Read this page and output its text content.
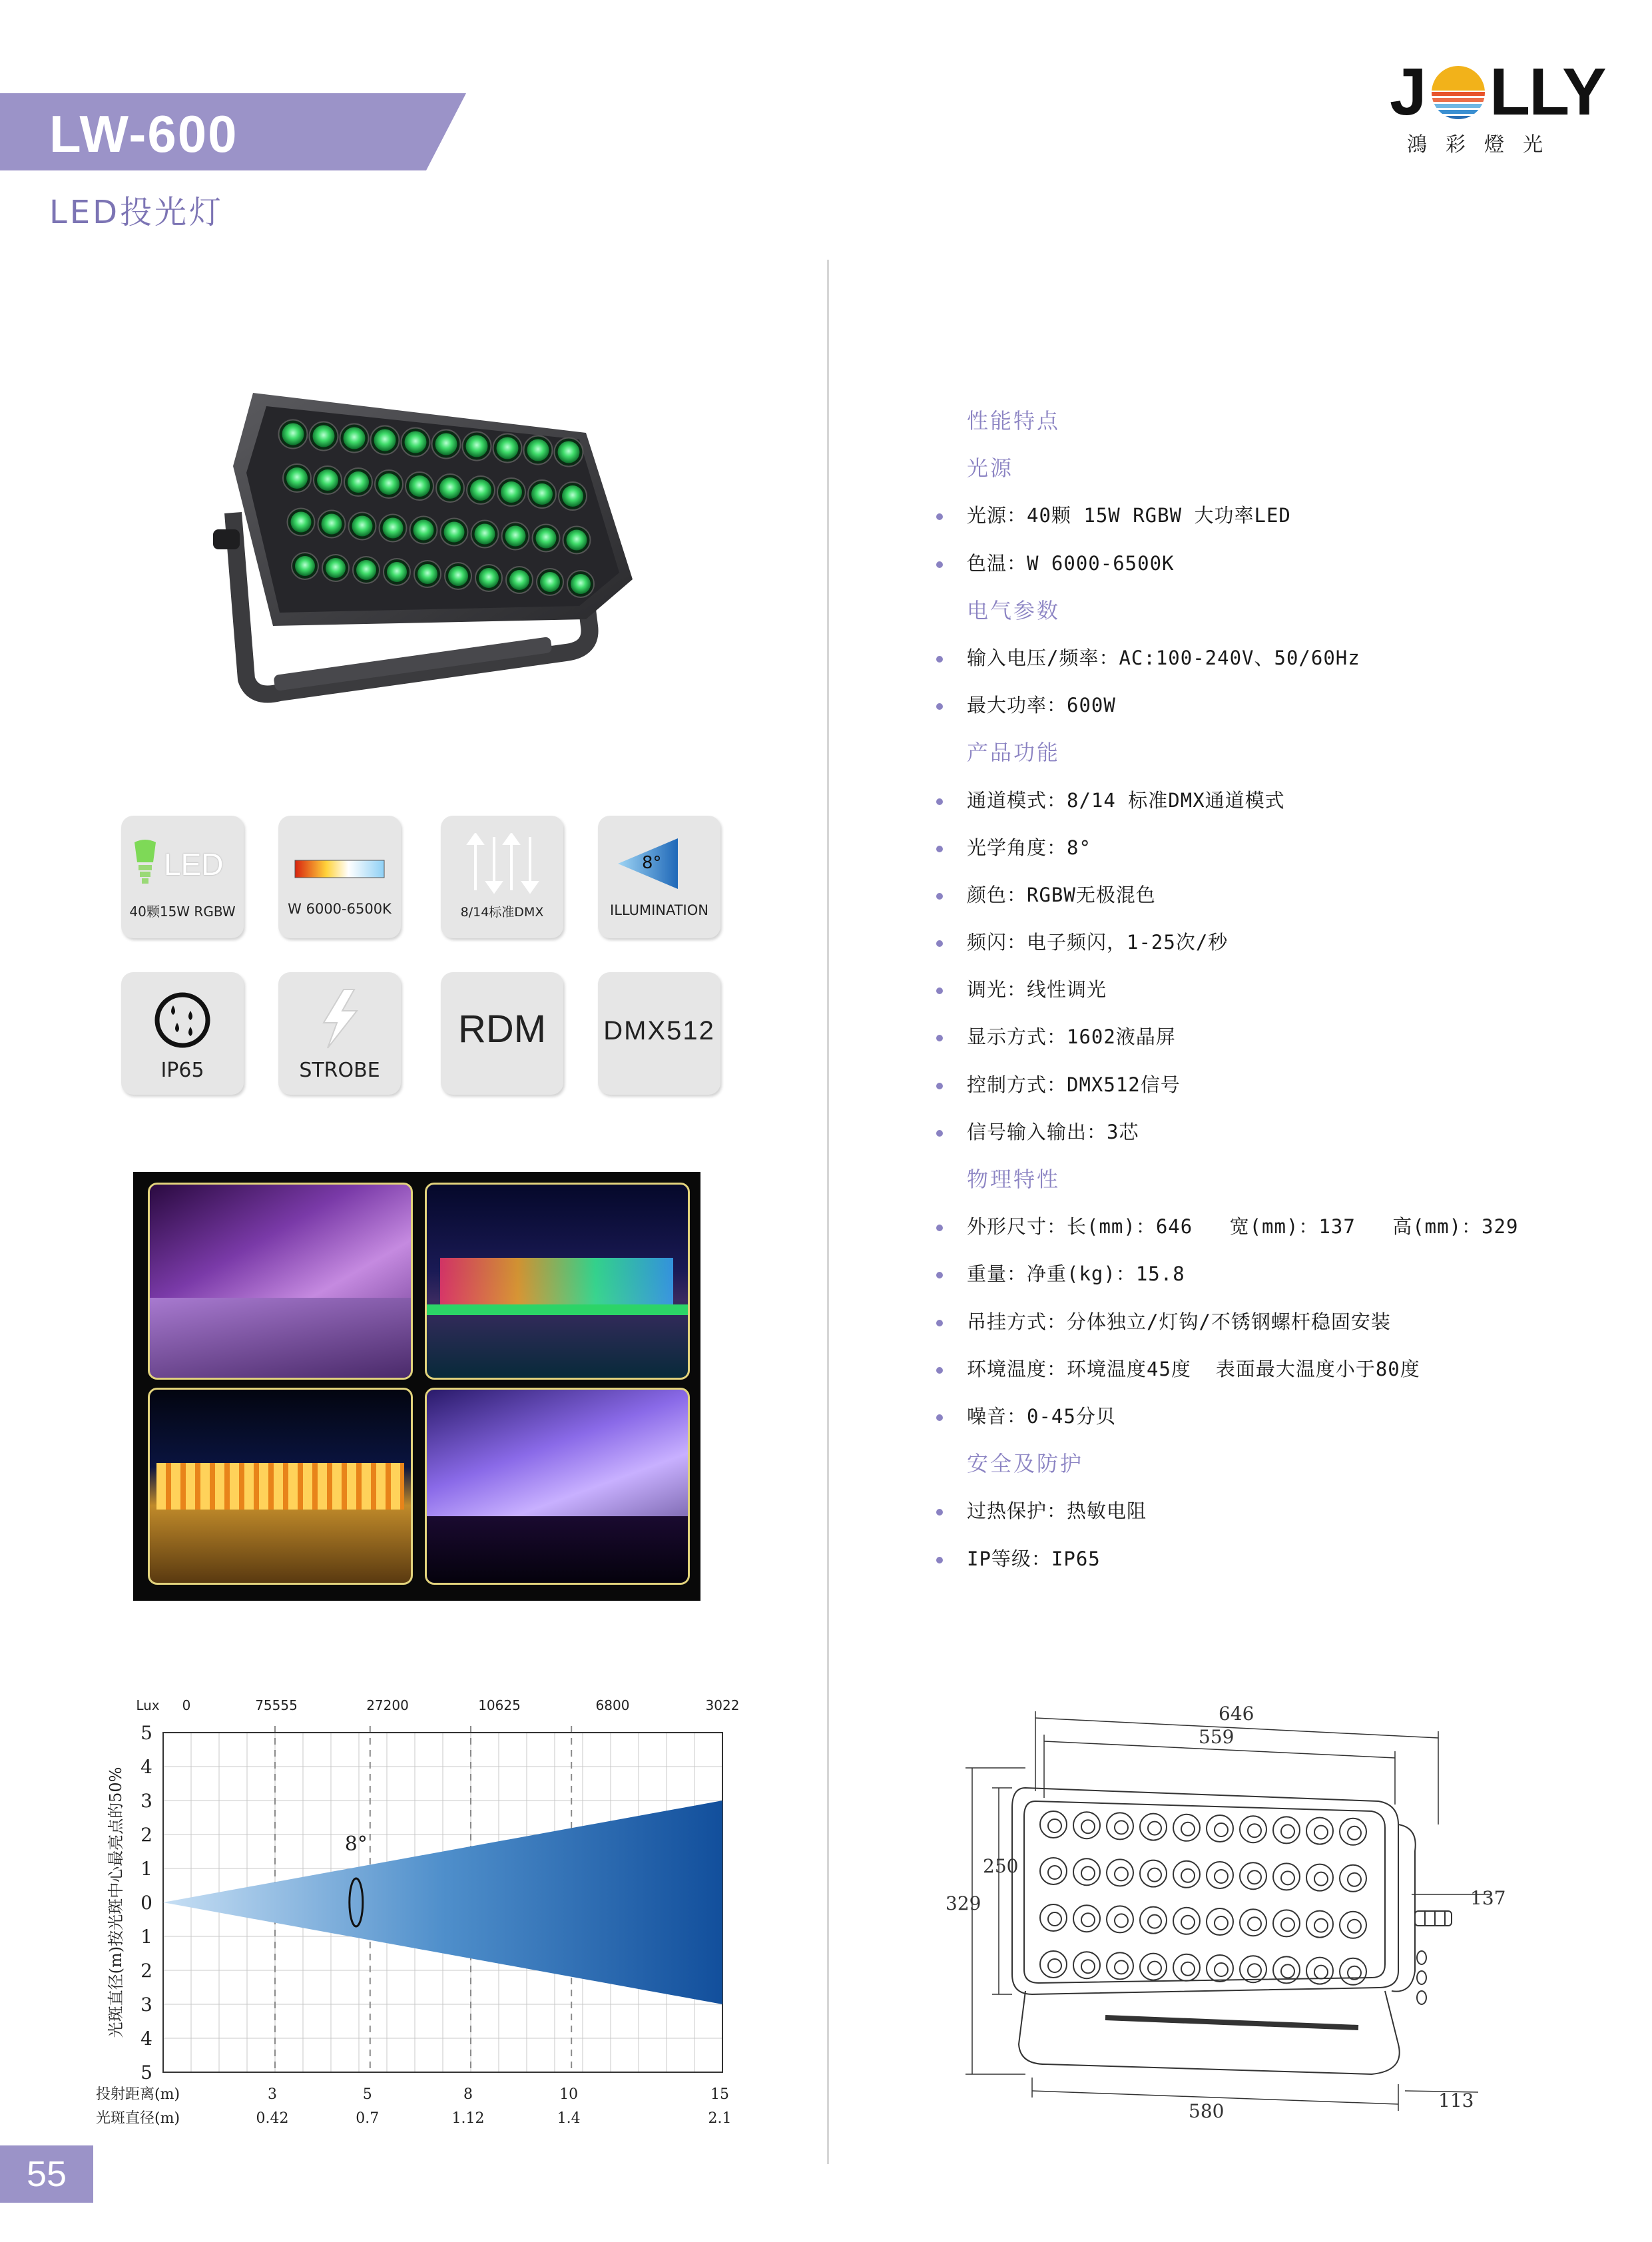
LW-600
LED投光灯
J LLY
鴻彩燈光
LED
40颗15W RGBW	W 6000-6500K	8/14标准DMX
8°
ILLUMINATION
IP65	STROBE
RDM	DMX512
Lux 0	75555	27200	10625	6800	3022
5
4
3
2
1
0
1
2
3
4
5
光斑直径(m)按光斑中心最亮点的50%	8°
投射距离(m)
光斑直径(m)
3	5	8	10	15
0.42	0.7	1.12	1.4	2.1
性能特点
光源
光源：40颗 15W RGBW 大功率LED
色温：W 6000-6500K
电气参数
输入电压/频率：AC:100-240V、50/60Hz
最大功率：600W
产品功能
通道模式：8/14 标准DMX通道模式
光学角度：8°
颜色：RGBW无极混色
频闪：电子频闪，1-25次/秒
调光：线性调光
显示方式：1602液晶屏
控制方式：DMX512信号
信号输入输出：3芯
物理特性
外形尺寸：长(mm)：646   宽(mm)：137   高(mm)：329
重量：净重(kg)：15.8
吊挂方式：分体独立/灯钩/不锈钢螺杆稳固安装
环境温度：环境温度45度  表面最大温度小于80度
噪音：0-45分贝
安全及防护
过热保护：热敏电阻
IP等级：IP65
646
559
329
250
137
580	113
55
